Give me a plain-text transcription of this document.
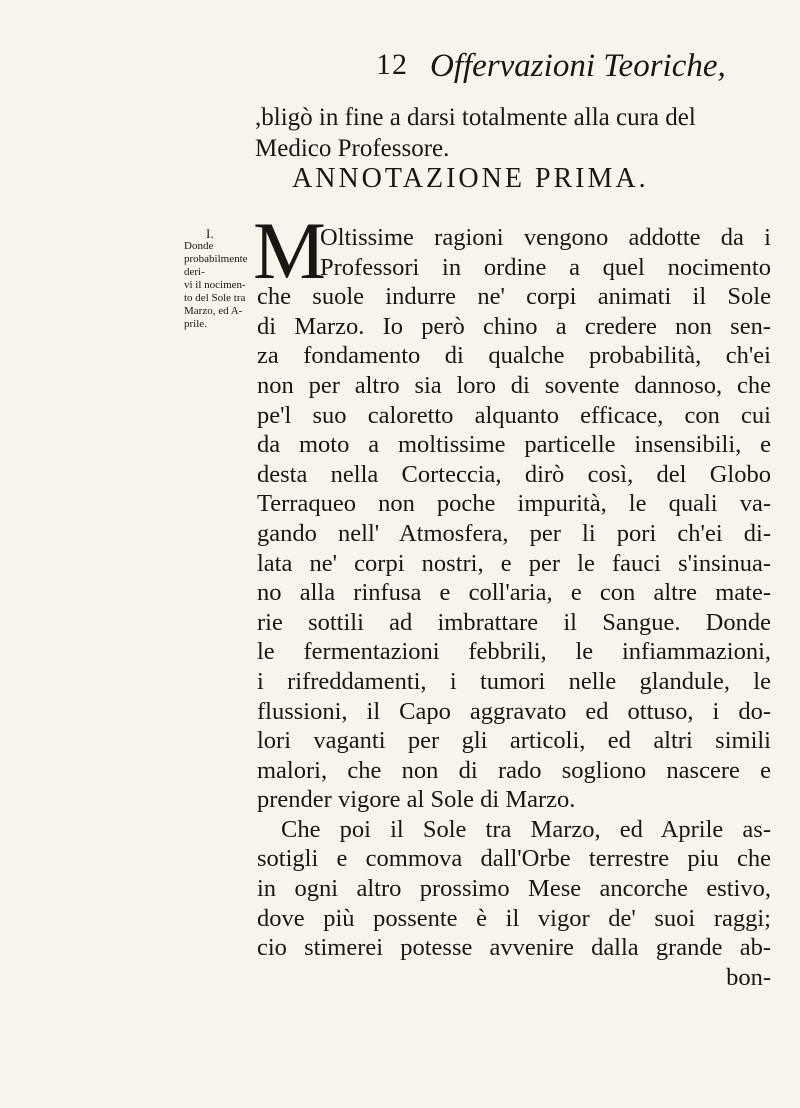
12 Offervazioni Teoriche,
,bligò in fine a darsi totalmente alla cura del
Medico Professore.
ANNOTAZIONE PRIMA.
I.
Donde probabilmente deri-
vi il nocimen-
to del Sole tra
Marzo, ed A-
prile.
M
Oltissime ragioni vengono addotte da i
Professori in ordine a quel nocimento
che suole indurre ne' corpi animati il Sole
di Marzo. Io però chino a credere non sen-
za fondamento di qualche probabilità, ch'ei
non per altro sia loro di sovente dannoso, che
pe'l suo caloretto alquanto efficace, con cui
da moto a moltissime particelle insensibili, e
desta nella Corteccia, dirò così, del Globo
Terraqueo non poche impurità, le quali va-
gando nell' Atmosfera, per li pori ch'ei di-
lata ne' corpi nostri, e per le fauci s'insinua-
no alla rinfusa e coll'aria, e con altre mate-
rie sottili ad imbrattare il Sangue. Donde
le fermentazioni febbrili, le infiammazioni,
i rifreddamenti, i tumori nelle glandule, le
flussioni, il Capo aggravato ed ottuso, i do-
lori vaganti per gli articoli, ed altri simili
malori, che non di rado sogliono nascere e
prender vigore al Sole di Marzo.
Che poi il Sole tra Marzo, ed Aprile as-
sotigli e commova dall'Orbe terrestre piu che
in ogni altro prossimo Mese ancorche estivo,
dove più possente è il vigor de' suoi raggi;
cio stimerei potesse avvenire dalla grande ab-
bon-
